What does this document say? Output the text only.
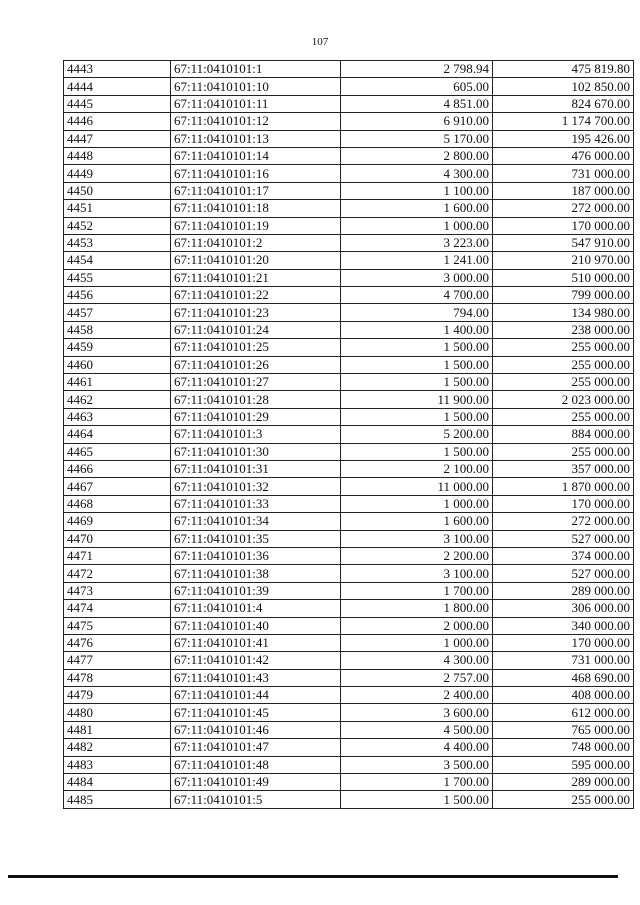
107
4443	67:11:0410101:1	2 798.94	475 819.80
4444	67:11:0410101:10	605.00	102 850.00
4445	67:11:0410101:11	4 851.00	824 670.00
4446	67:11:0410101:12	6 910.00	1 174 700.00
4447	67:11:0410101:13	5 170.00	195 426.00
4448	67:11:0410101:14	2 800.00	476 000.00
4449	67:11:0410101:16	4 300.00	731 000.00
4450	67:11:0410101:17	1 100.00	187 000.00
4451	67:11:0410101:18	1 600.00	272 000.00
4452	67:11:0410101:19	1 000.00	170 000.00
4453	67:11:0410101:2	3 223.00	547 910.00
4454	67:11:0410101:20	1 241.00	210 970.00
4455	67:11:0410101:21	3 000.00	510 000.00
4456	67:11:0410101:22	4 700.00	799 000.00
4457	67:11:0410101:23	794.00	134 980.00
4458	67:11:0410101:24	1 400.00	238 000.00
4459	67:11:0410101:25	1 500.00	255 000.00
4460	67:11:0410101:26	1 500.00	255 000.00
4461	67:11:0410101:27	1 500.00	255 000.00
4462	67:11:0410101:28	11 900.00	2 023 000.00
4463	67:11:0410101:29	1 500.00	255 000.00
4464	67:11:0410101:3	5 200.00	884 000.00
4465	67:11:0410101:30	1 500.00	255 000.00
4466	67:11:0410101:31	2 100.00	357 000.00
4467	67:11:0410101:32	11 000.00	1 870 000.00
4468	67:11:0410101:33	1 000.00	170 000.00
4469	67:11:0410101:34	1 600.00	272 000.00
4470	67:11:0410101:35	3 100.00	527 000.00
4471	67:11:0410101:36	2 200.00	374 000.00
4472	67:11:0410101:38	3 100.00	527 000.00
4473	67:11:0410101:39	1 700.00	289 000.00
4474	67:11:0410101:4	1 800.00	306 000.00
4475	67:11:0410101:40	2 000.00	340 000.00
4476	67:11:0410101:41	1 000.00	170 000.00
4477	67:11:0410101:42	4 300.00	731 000.00
4478	67:11:0410101:43	2 757.00	468 690.00
4479	67:11:0410101:44	2 400.00	408 000.00
4480	67:11:0410101:45	3 600.00	612 000.00
4481	67:11:0410101:46	4 500.00	765 000.00
4482	67:11:0410101:47	4 400.00	748 000.00
4483	67:11:0410101:48	3 500.00	595 000.00
4484	67:11:0410101:49	1 700.00	289 000.00
4485	67:11:0410101:5	1 500.00	255 000.00
